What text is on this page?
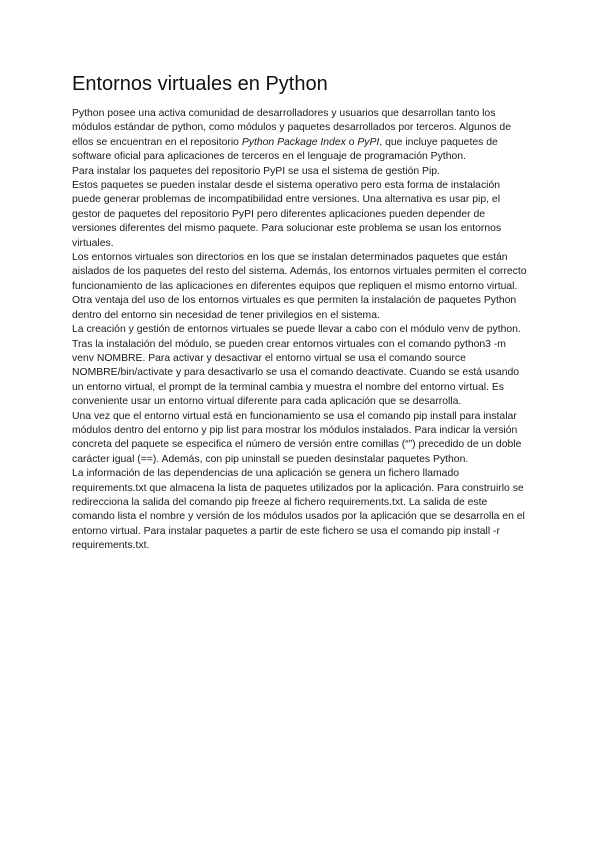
Entornos virtuales en Python

Python posee una activa comunidad de desarrolladores y usuarios que desarrollan tanto los módulos estándar de python, como módulos y paquetes desarrollados por terceros. Algunos de ellos se encuentran en el repositorio Python Package Index o PyPI, que incluye paquetes de software oficial para aplicaciones de terceros en el lenguaje de programación Python.

Para instalar los paquetes del repositorio PyPI se usa el sistema de gestión Pip.

Estos paquetes se pueden instalar desde el sistema operativo pero esta forma de instalación puede generar problemas de incompatibilidad entre versiones. Una alternativa es usar pip, el gestor de paquetes del repositorio PyPI pero diferentes aplicaciones pueden depender de versiones diferentes del mismo paquete. Para solucionar este problema se usan los entornos virtuales.

Los entornos virtuales son directorios en los que se instalan determinados paquetes que están aislados de los paquetes del resto del sistema. Además, los entornos virtuales permiten el correcto funcionamiento de las aplicaciones en diferentes equipos que repliquen el mismo entorno virtual. Otra ventaja del uso de los entornos virtuales es que permiten la instalación de paquetes Python dentro del entorno sin necesidad de tener privilegios en el sistema.

La creación y gestión de entornos virtuales se puede llevar a cabo con el módulo venv de python. Tras la instalación del módulo, se pueden crear entornos virtuales con el comando python3 -m venv NOMBRE. Para activar y desactivar el entorno virtual se usa el comando source NOMBRE/bin/activate y para desactivarlo se usa el comando deactivate. Cuando se está usando un entorno virtual, el prompt de la terminal cambia y muestra el nombre del entorno virtual. Es conveniente usar un entorno virtual diferente para cada aplicación que se desarrolla.

Una vez que el entorno virtual está en funcionamiento se usa el comando pip install para instalar módulos dentro del entorno y pip list para mostrar los módulos instalados. Para indicar la versión concreta del paquete se especifica el número de versión entre comillas (“”) precedido de un doble carácter igual (==). Además, con pip uninstall se pueden desinstalar paquetes Python.

La información de las dependencias de una aplicación se genera un fichero llamado requirements.txt que almacena la lista de paquetes utilizados por la aplicación. Para construirlo se redirecciona la salida del comando pip freeze al fichero requirements.txt. La salida de este comando lista el nombre y versión de los módulos usados por la aplicación que se desarrolla en el entorno virtual. Para instalar paquetes a partir de este fichero se usa el comando pip install -r requirements.txt.
